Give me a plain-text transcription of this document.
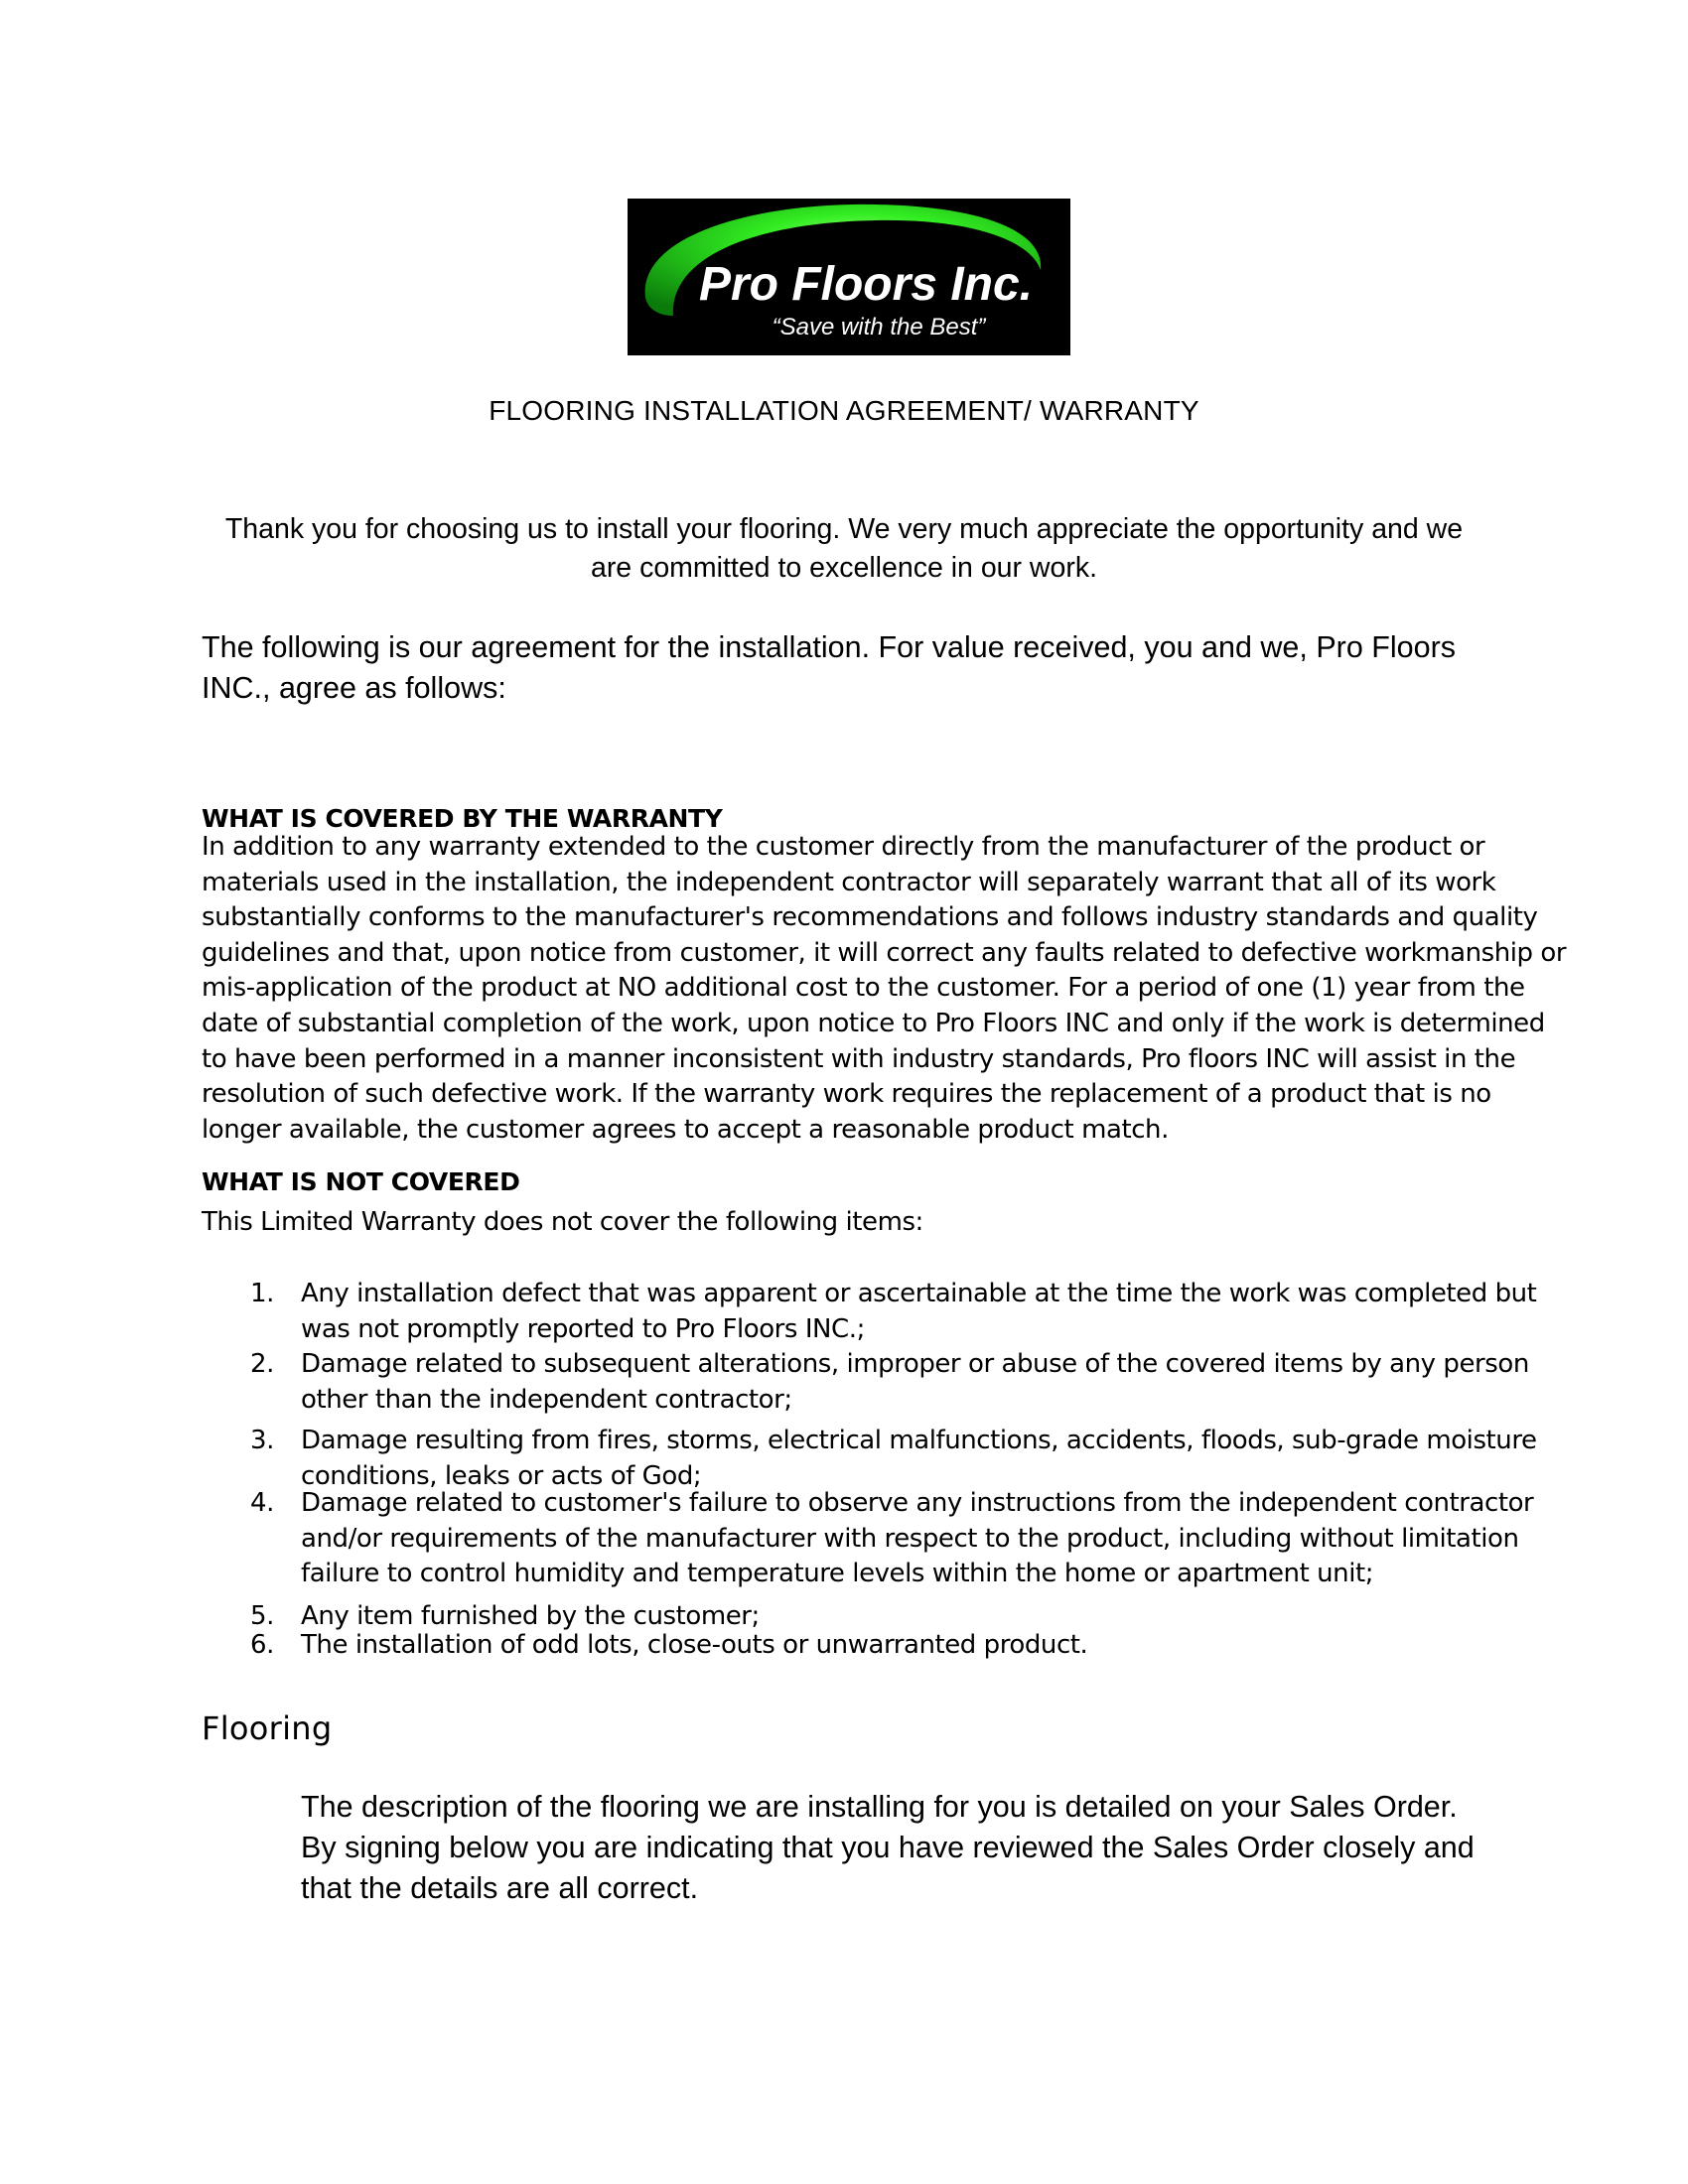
Pro Floors Inc.
“Save with the Best”
FLOORING INSTALLATION AGREEMENT/ WARRANTY
Thank you for choosing us to install your flooring. We very much appreciate the opportunity and we
are committed to excellence in our work.
The following is our agreement for the installation. For value received, you and we, Pro Floors
INC., agree as follows:
WHAT IS COVERED BY THE WARRANTY

In addition to any warranty extended to the customer directly from the manufacturer of the product or

materials used in the installation, the independent contractor will separately warrant that all of its work

substantially conforms to the manufacturer's recommendations and follows industry standards and quality

guidelines and that, upon notice from customer, it will correct any faults related to defective workmanship or

mis-application of the product at NO additional cost to the customer. For a period of one (1) year from the

date of substantial completion of the work, upon notice to Pro Floors INC and only if the work is determined

to have been performed in a manner inconsistent with industry standards, Pro floors INC will assist in the

resolution of such defective work. If the warranty work requires the replacement of a product that is no

longer available, the customer agrees to accept a reasonable product match.

WHAT IS NOT COVERED
This Limited Warranty does not cover the following items:
1.	Any installation defect that was apparent or ascertainable at the time the work was completed but

was not promptly reported to Pro Floors INC.;

2.	Damage related to subsequent alterations, improper or abuse of the covered items by any person

other than the independent contractor;

3.	Damage resulting from fires, storms, electrical malfunctions, accidents, floods, sub-grade moisture

conditions, leaks or acts of God;

4.	Damage related to customer's failure to observe any instructions from the independent contractor

and/or requirements of the manufacturer with respect to the product, including without limitation

failure to control humidity and temperature levels within the home or apartment unit;

5.	Any item furnished by the customer;

6.	The installation of odd lots, close-outs or unwarranted product.

Flooring

The description of the flooring we are installing for you is detailed on your Sales Order.

By signing below you are indicating that you have reviewed the Sales Order closely and

that the details are all correct.
